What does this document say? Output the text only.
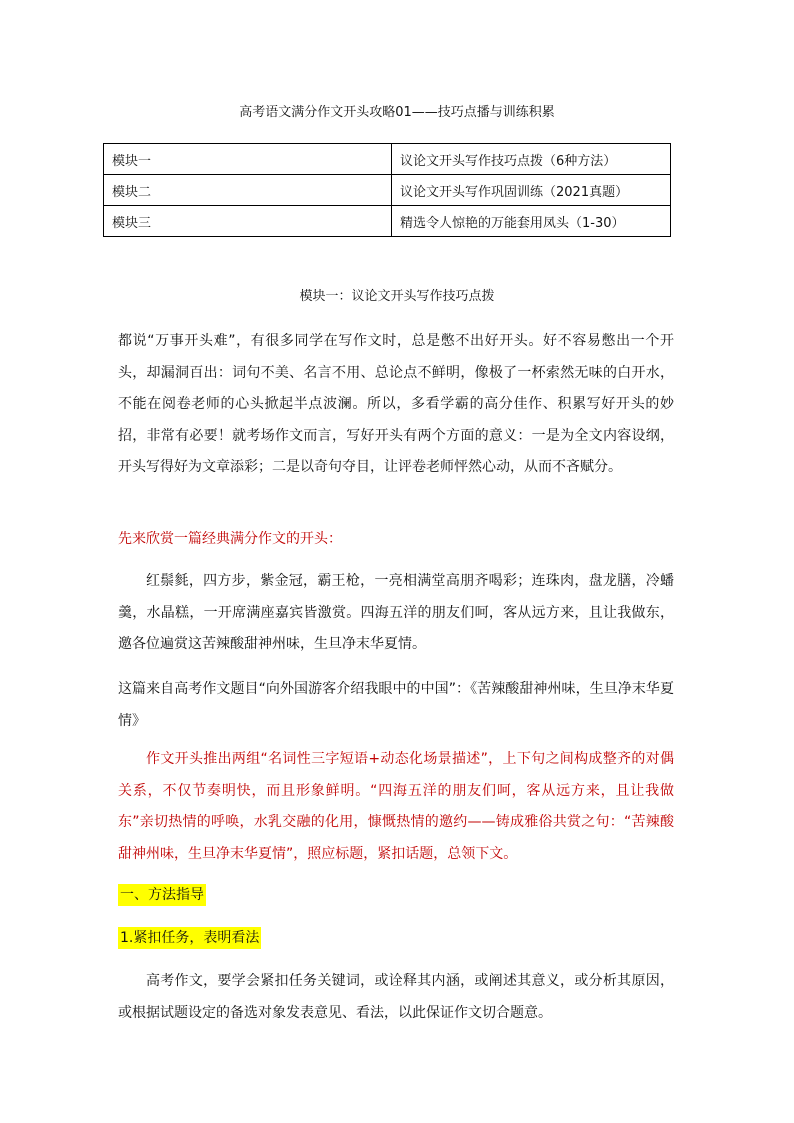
高考语文满分作文开头攻略01——技巧点播与训练积累
模块一	议论文开头写作技巧点拨（6种方法）
模块二	议论文开头写作巩固训练（2021真题）
模块三	精选令人惊艳的万能套用凤头（1-30）
模块一：议论文开头写作技巧点拨

都说“万事开头难”，有很多同学在写作文时，总是憋不出好开头。好不容易憋出一个开头，却漏洞百出：词句不美、名言不用、总论点不鲜明，像极了一杯索然无味的白开水，不能在阅卷老师的心头掀起半点波澜。所以，多看学霸的高分佳作、积累写好开头的妙招，非常有必要！就考场作文而言，写好开头有两个方面的意义：一是为全文内容设纲，开头写得好为文章添彩；二是以奇句夺目，让评卷老师怦然心动，从而不吝赋分。

先来欣赏一篇经典满分作文的开头：

红鬃毵，四方步，紫金冠，霸王枪，一亮相满堂高朋齐喝彩；连珠肉，盘龙膳，冷蟠羹，水晶糕，一开席满座嘉宾皆激赏。四海五洋的朋友们呵，客从远方来，且让我做东，邀各位遍赏这苦辣酸甜神州味，生旦净末华夏情。

这篇来自高考作文题目“向外国游客介绍我眼中的中国”：《苦辣酸甜神州味，生旦净末华夏情》

作文开头推出两组“名词性三字短语+动态化场景描述”，上下句之间构成整齐的对偶关系，不仅节奏明快，而且形象鲜明。“四海五洋的朋友们呵，客从远方来，且让我做东”亲切热情的呼唤，水乳交融的化用，慷慨热情的邀约——铸成雅俗共赏之句：“苦辣酸甜神州味，生旦净末华夏情”，照应标题，紧扣话题，总领下文。

一、方法指导
1.紧扣任务，表明看法

高考作文，要学会紧扣任务关键词，或诠释其内涵，或阐述其意义，或分析其原因，或根据试题设定的备选对象发表意见、看法，以此保证作文切合题意。
